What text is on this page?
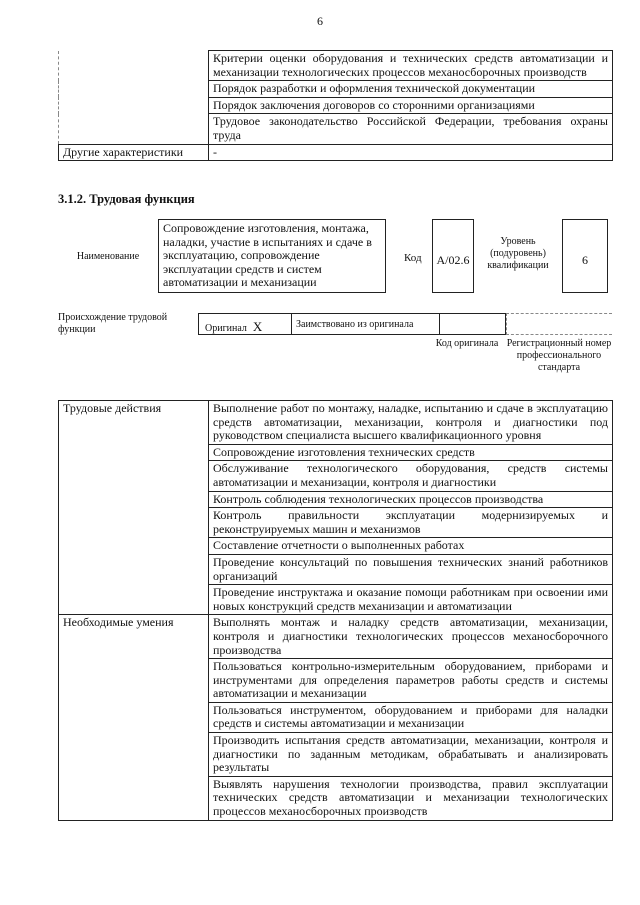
6
	Критерии оценки оборудования и технических средств автоматизации и механизации технологических процессов механосборочных производств
	Порядок разработки и оформления технической документации
	Порядок заключения договоров со сторонними организациями
	Трудовое законодательство Российской Федерации, требования охраны труда
Другие характеристики	-
3.1.2. Трудовая функция
Наименование
Сопровождение изготовления, монтажа, наладки, участие в испытаниях и сдаче в эксплуатацию, сопровождение эксплуатации средств и систем автоматизации и механизации
Код	A/02.6
Уровень (подуровень) квалификации	6
Происхождение трудовой функции	Оригинал X	Заимствовано из оригинала
Код оригинала Регистрационный номер профессионального стандарта
Трудовые действия	Выполнение работ по монтажу, наладке, испытанию и сдаче в эксплуатацию средств автоматизации, механизации, контроля и диагностики под руководством специалиста высшего квалификационного уровня
	Сопровождение изготовления технических средств
	Обслуживание технологического оборудования, средств системы автоматизации и механизации, контроля и диагностики
	Контроль соблюдения технологических процессов производства
	Контроль правильности эксплуатации модернизируемых и реконструируемых машин и механизмов
	Составление отчетности о выполненных работах
	Проведение консультаций по повышения технических знаний работников организаций
	Проведение инструктажа и оказание помощи работникам при освоении ими новых конструкций средств механизации и автоматизации
Необходимые умения	Выполнять монтаж и наладку средств автоматизации, механизации, контроля и диагностики технологических процессов механосборочного производства
	Пользоваться контрольно-измерительным оборудованием, приборами и инструментами для определения параметров работы средств и системы автоматизации и механизации
	Пользоваться инструментом, оборудованием и приборами для наладки средств и системы автоматизации и механизации
	Производить испытания средств автоматизации, механизации, контроля и диагностики по заданным методикам, обрабатывать и анализировать результаты
	Выявлять нарушения технологии производства, правил эксплуатации технических средств автоматизации и механизации технологических процессов механосборочных производств
